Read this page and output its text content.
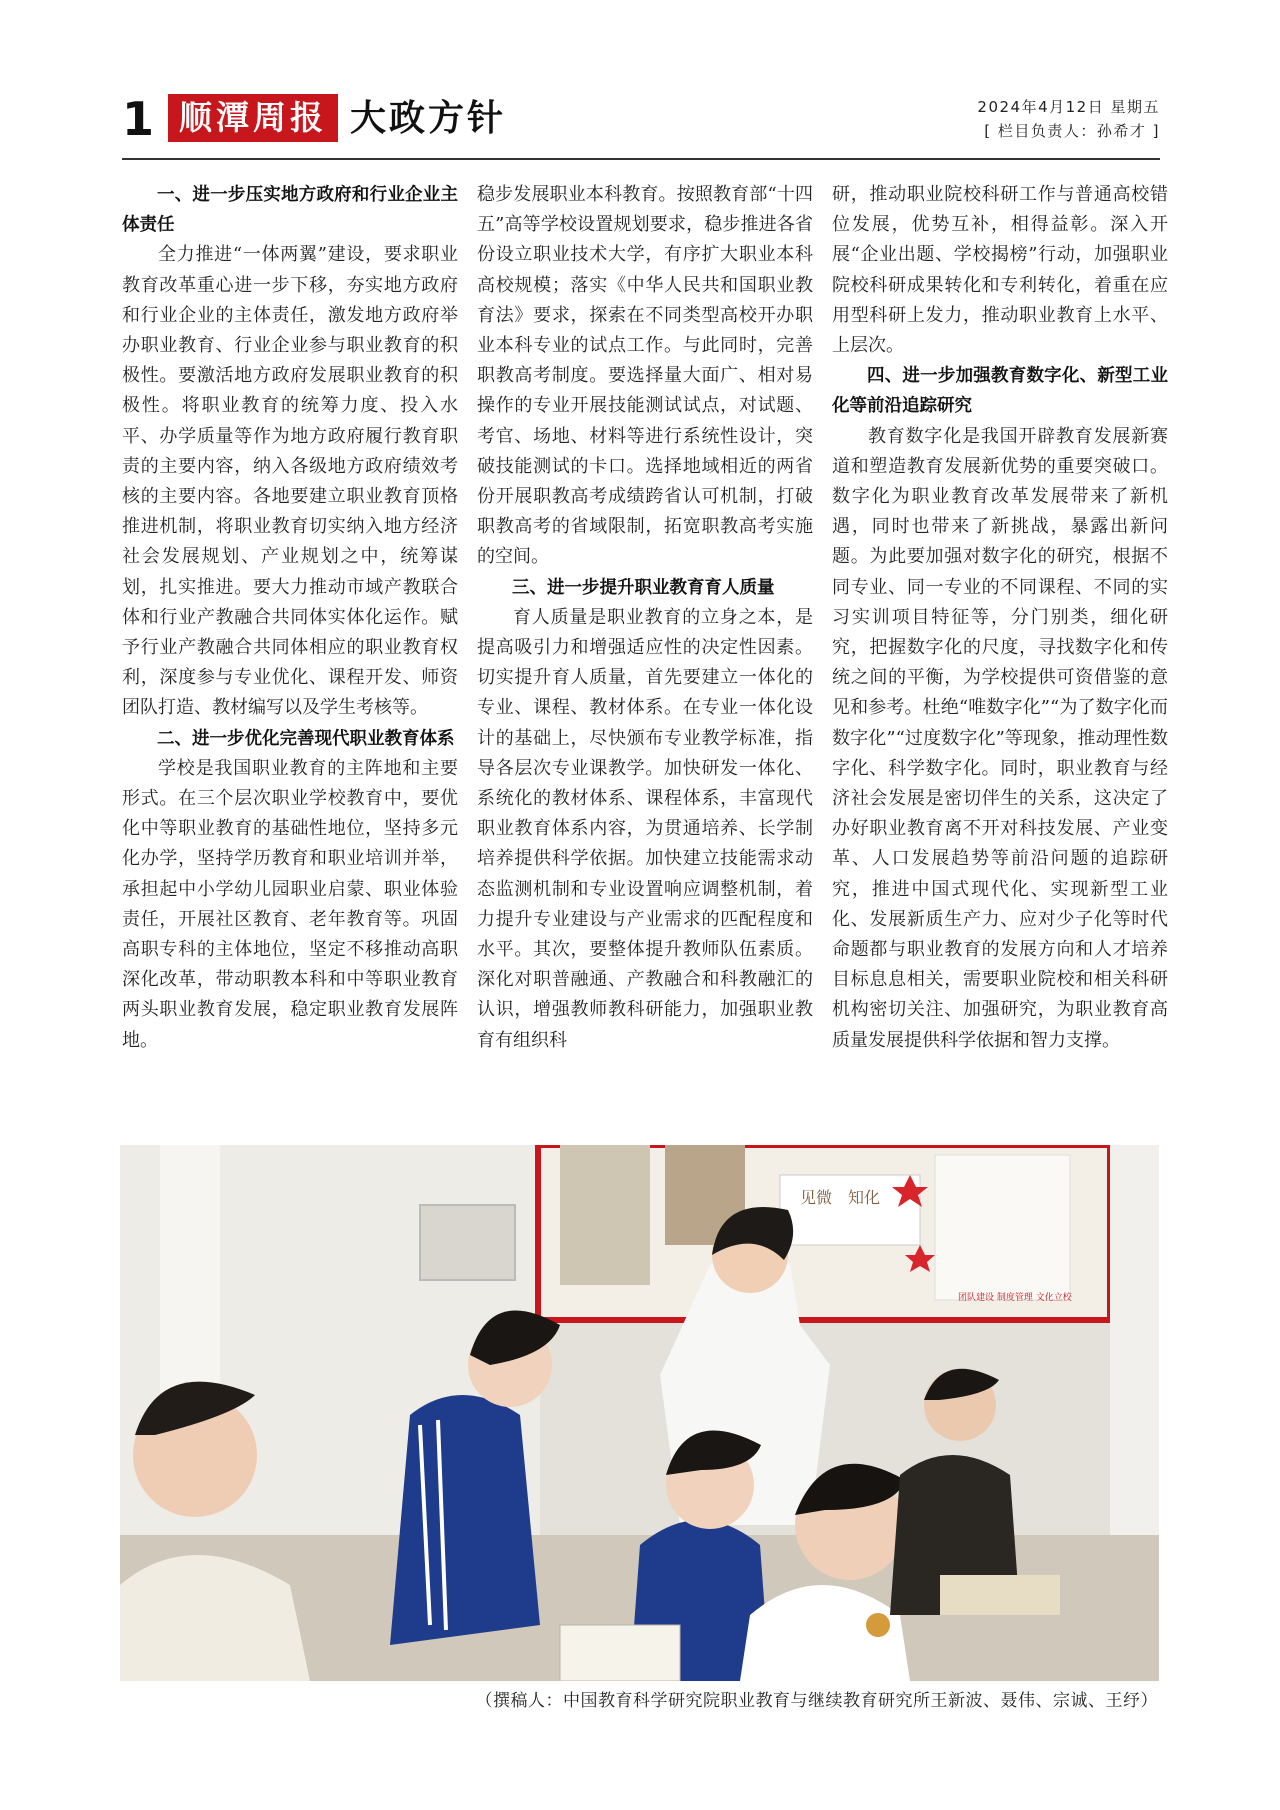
1 顺潭周报 大政方针	2024年4月12日 星期五
[ 栏目负责人：孙希才 ]
一、进一步压实地方政府和行业企业主体责任

全力推进“一体两翼”建设，要求职业教育改革重心进一步下移，夯实地方政府和行业企业的主体责任，激发地方政府举办职业教育、行业企业参与职业教育的积极性。要激活地方政府发展职业教育的积极性。将职业教育的统筹力度、投入水平、办学质量等作为地方政府履行教育职责的主要内容，纳入各级地方政府绩效考核的主要内容。各地要建立职业教育顶格推进机制，将职业教育切实纳入地方经济社会发展规划、产业规划之中，统筹谋划，扎实推进。要大力推动市域产教联合体和行业产教融合共同体实体化运作。赋予行业产教融合共同体相应的职业教育权利，深度参与专业优化、课程开发、师资团队打造、教材编写以及学生考核等。

二、进一步优化完善现代职业教育体系

学校是我国职业教育的主阵地和主要形式。在三个层次职业学校教育中，要优化中等职业教育的基础性地位，坚持多元化办学，坚持学历教育和职业培训并举，承担起中小学幼儿园职业启蒙、职业体验责任，开展社区教育、老年教育等。巩固高职专科的主体地位，坚定不移推动高职深化改革，带动职教本科和中等职业教育两头职业教育发展，稳定职业教育发展阵地。

稳步发展职业本科教育。按照教育部“十四五”高等学校设置规划要求，稳步推进各省份设立职业技术大学，有序扩大职业本科高校规模；落实《中华人民共和国职业教育法》要求，探索在不同类型高校开办职业本科专业的试点工作。与此同时，完善职教高考制度。要选择量大面广、相对易操作的专业开展技能测试试点，对试题、考官、场地、材料等进行系统性设计，突破技能测试的卡口。选择地域相近的两省份开展职教高考成绩跨省认可机制，打破职教高考的省域限制，拓宽职教高考实施的空间。

三、进一步提升职业教育育人质量

育人质量是职业教育的立身之本，是提高吸引力和增强适应性的决定性因素。切实提升育人质量，首先要建立一体化的专业、课程、教材体系。在专业一体化设计的基础上，尽快颁布专业教学标准，指导各层次专业课教学。加快研发一体化、系统化的教材体系、课程体系，丰富现代职业教育体系内容，为贯通培养、长学制培养提供科学依据。加快建立技能需求动态监测机制和专业设置响应调整机制，着力提升专业建设与产业需求的匹配程度和水平。其次，要整体提升教师队伍素质。深化对职普融通、产教融合和科教融汇的认识，增强教师教科研能力，加强职业教育有组织科

研，推动职业院校科研工作与普通高校错位发展，优势互补，相得益彰。深入开展“企业出题、学校揭榜”行动，加强职业院校科研成果转化和专利转化，着重在应用型科研上发力，推动职业教育上水平、上层次。

四、进一步加强教育数字化、新型工业化等前沿追踪研究

教育数字化是我国开辟教育发展新赛道和塑造教育发展新优势的重要突破口。数字化为职业教育改革发展带来了新机遇，同时也带来了新挑战，暴露出新问题。为此要加强对数字化的研究，根据不同专业、同一专业的不同课程、不同的实习实训项目特征等，分门别类，细化研究，把握数字化的尺度，寻找数字化和传统之间的平衡，为学校提供可资借鉴的意见和参考。杜绝“唯数字化”“为了数字化而数字化”“过度数字化”等现象，推动理性数字化、科学数字化。同时，职业教育与经济社会发展是密切伴生的关系，这决定了办好职业教育离不开对科技发展、产业变革、人口发展趋势等前沿问题的追踪研究，推进中国式现代化、实现新型工业化、发展新质生产力、应对少子化等时代命题都与职业教育的发展方向和人才培养目标息息相关，需要职业院校和相关科研机构密切关注、加强研究，为职业教育高质量发展提供科学依据和智力支撑。

见微 知化
团队建设 制度管理 文化立校
（撰稿人：中国教育科学研究院职业教育与继续教育研究所王新波、聂伟、宗诚、王纾）
